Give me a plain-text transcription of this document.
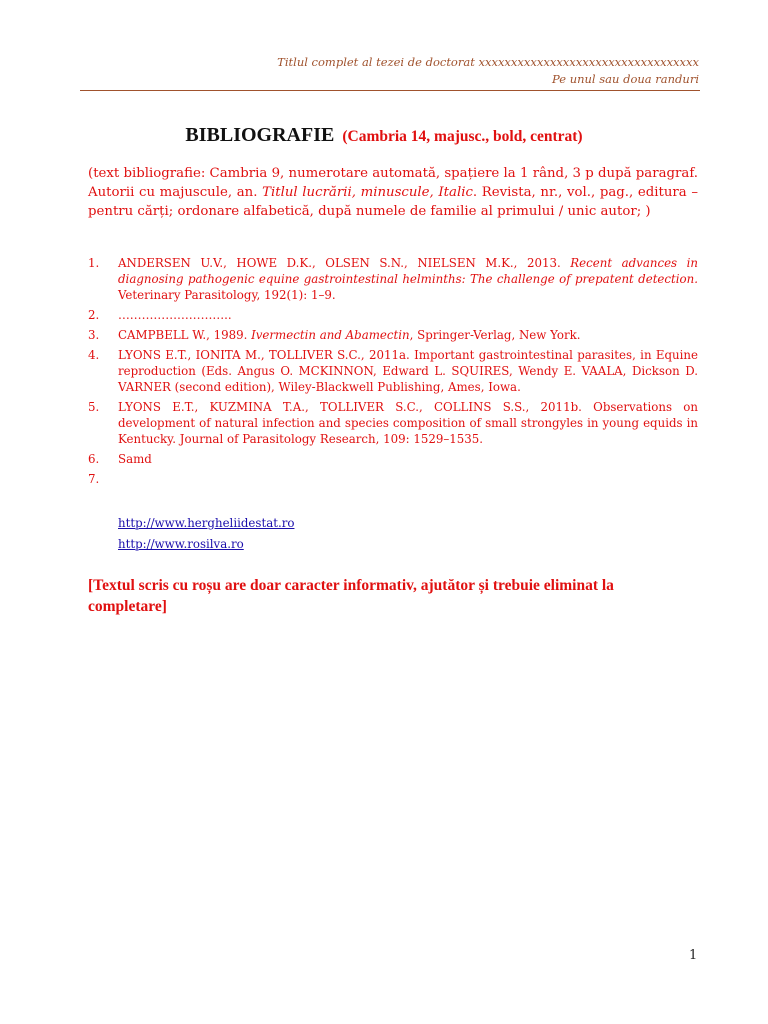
Titlul complet al tezei de doctorat xxxxxxxxxxxxxxxxxxxxxxxxxxxxxxxxxx
Pe unul sau doua randuri
BIBLIOGRAFIE (Cambria 14, majusc., bold, centrat)
(text bibliografie: Cambria 9, numerotare automată, spațiere la 1 rând, 3 p după paragraf. Autorii cu majuscule, an. Titlul lucrării, minuscule, Italic. Revista, nr., vol., pag., editura – pentru cărți; ordonare alfabetică, după numele de familie al primului / unic autor; )
1.	ANDERSEN U.V., HOWE D.K., OLSEN S.N., NIELSEN M.K., 2013. Recent advances in diagnosing pathogenic equine gastrointestinal helminths: The challenge of prepatent detection. Veterinary Parasitology, 192(1): 1–9.
2.	………………………..
3.	CAMPBELL W., 1989. Ivermectin and Abamectin, Springer-Verlag, New York.
4.	LYONS E.T., IONITA M., TOLLIVER S.C., 2011a. Important gastrointestinal parasites, in Equine reproduction (Eds. Angus O. MCKINNON, Edward L. SQUIRES, Wendy E. VAALA, Dickson D. VARNER (second edition), Wiley-Blackwell Publishing, Ames, Iowa.
5.	LYONS E.T., KUZMINA T.A., TOLLIVER S.C., COLLINS S.S., 2011b. Observations on development of natural infection and species composition of small strongyles in young equids in Kentucky. Journal of Parasitology Research, 109: 1529–1535.
6.	Samd
7.
http://www.hergheliidestat.ro
http://www.rosilva.ro
[Textul scris cu roșu are doar caracter informativ, ajutător și trebuie eliminat la completare]
1
